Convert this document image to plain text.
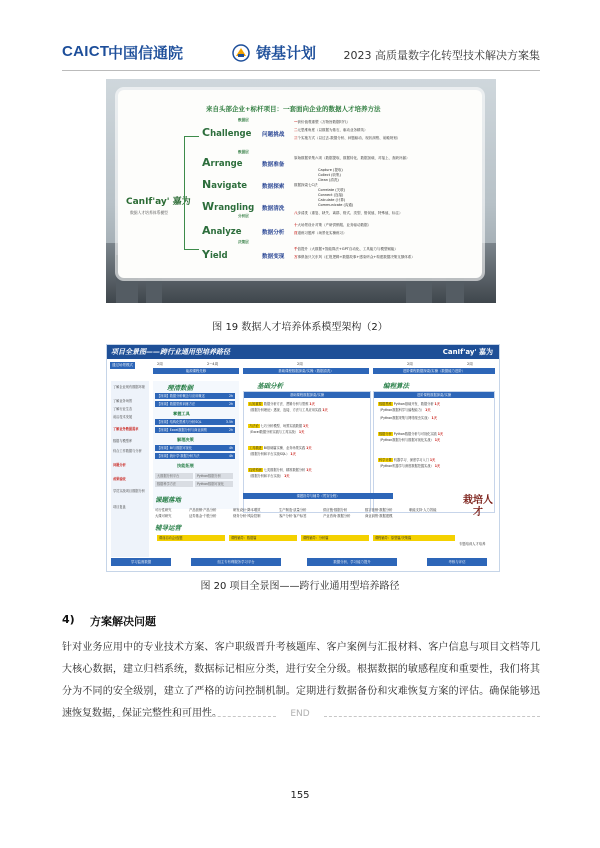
CAICT
中国信通院	铸基计划 2023 高质量数字化转型技术解决方案集
来自头部企业+标杆项目：一套面向企业的数据人才培养方法
CanIf'ay' 嘉为
数据人才培养体系模型
数据层
数据层
分析层
决策层
Challenge 问题挑战
Arrange	数据准备
Navigate	数据探索
Wrangling 数据清洗
Analyze	数据分析
Yield	数据变现
一套价值观重塑（万物皆数据时代）
二元思维角度（以数据为基石，驱动业务精英）
三个实施方式（以过去-数据分析、问题驱动、现状洞察、前瞻规划）
原始数据采集六项（数据提取、数据转化、数据加载、对接上、查缺补漏）
Capture (提取)
Collect (收集)
Clean (清洗)
数据探索七C法
Correlate (关联)
Connect (连接)
Calculate (计算)
Communicate (沟通)
八步清洗（重复、缺失、离群、格式、类型、错误值、特殊值、标注）
十大场景设计对策（产研供销服、业务驱动数据）
百道练习题库（场景化实操练习）
千倍提升（大数据+智能算法+GPT自动化、工具能力与模型赋能）
万事俱备只欠东风（汇报逻辑+数据故事+感染听众+构建数据决策支撑体系）
图 19 数据人才培养体系模型架构（2）
项目全景图——跨行业通用型培养路径	CanIf'ay' 嘉为
通过场景模式	2周	2~4周	2周	2周	2周
能源课程先修	基础课程数据探索/实操（数据清洗）	进阶课程数据探索/实操（数据能力进阶）
了解企业现有数据环境
了解业务场景
了解行业生态
前沿技术发展
了解业务数据需求
数据与模型库
综合工作数据与分析
问题分析
成果验收
学员实战项目数据分析
项目复盘
理清数据
【视频】数据分析概念与应用概述	2h
【视频】数据思维训练方法	2h
掌握工具
【视频】结构化思维与分析SQL	3.5h
【视频】Excel数据分析与商业洞察	2h
解理决策
【视频】BI与数据可视化	4h
【视频】统计学·数据分析方法	4h
技能拓展
大数据分析平台	Python数据分析
数据科学方法	Python数据可视化
基础分析
基础课程数据探索/实操
认知重要 数据分析方法、逻辑分析与思维 1天
（数据分析理论）透视、连接、方法与工具应用实践 1天
方法论 七巧分析模型、场景实践数据 1天
（Excel数据分析实践与工具实战） 1天
工具精进 BI基础篇实操、业务场景实践 1天
（数据分析和平台实战SQL） 1天
趋势预测 七类数据分析、精准数据分析 1天
（数据分析和平台实战） 1天
编程算法
进阶课程数据探索/实操
数据思维 Python基础开发、数据分析 1天
（Python数据科学与编程能力） 1天
（Python数据采集与网络爬虫实战） 1天
数据分析 Python数据分析与可视化实践 1天
（Python数据分析与数据可视化实战） 1天
科学计算 机器学习、深度学习入门 1天
（Python机器学与深度数据挖掘实战） 1天
课题落地	课题指导与辅导（贯穿全程）
可行性研究
大课可研究
产品营销·产品分析
证券基金·个股分析
研发设计·降本增效
财务分析·风险控制
生产制造·质量分析
客户分析·客户标签
供应链·数据分析
产业咨询·数据分析
数字营销·数据分析
商业洞察·数据建模
职能支持·人力效能
辅导运营
课前启动会/选题	课程辅导：数据篇	课程辅导：分析篇	课程辅导：原型篇/决策篇
栽培人才
专题培训人才培养
学习监督数据	组主专有利服务学习平台	数据分析、学习能力提升	考核与评估
图 20 项目全景图——跨行业通用型培养路径
4) 方案解决问题
针对业务应用中的专业技术方案、客户职级晋升考核题库、客户案例与汇报材料、客户信息与项目文档等几大核心数据，建立归档系统，数据标记相应分类，进行安全分级。根据数据的敏感程度和重要性，我们将其分为不同的安全级别，建立了严格的访问控制机制。定期进行数据备份和灾难恢复方案的评估。确保能够迅速恢复数据，保证完整性和可用性。	END
155
